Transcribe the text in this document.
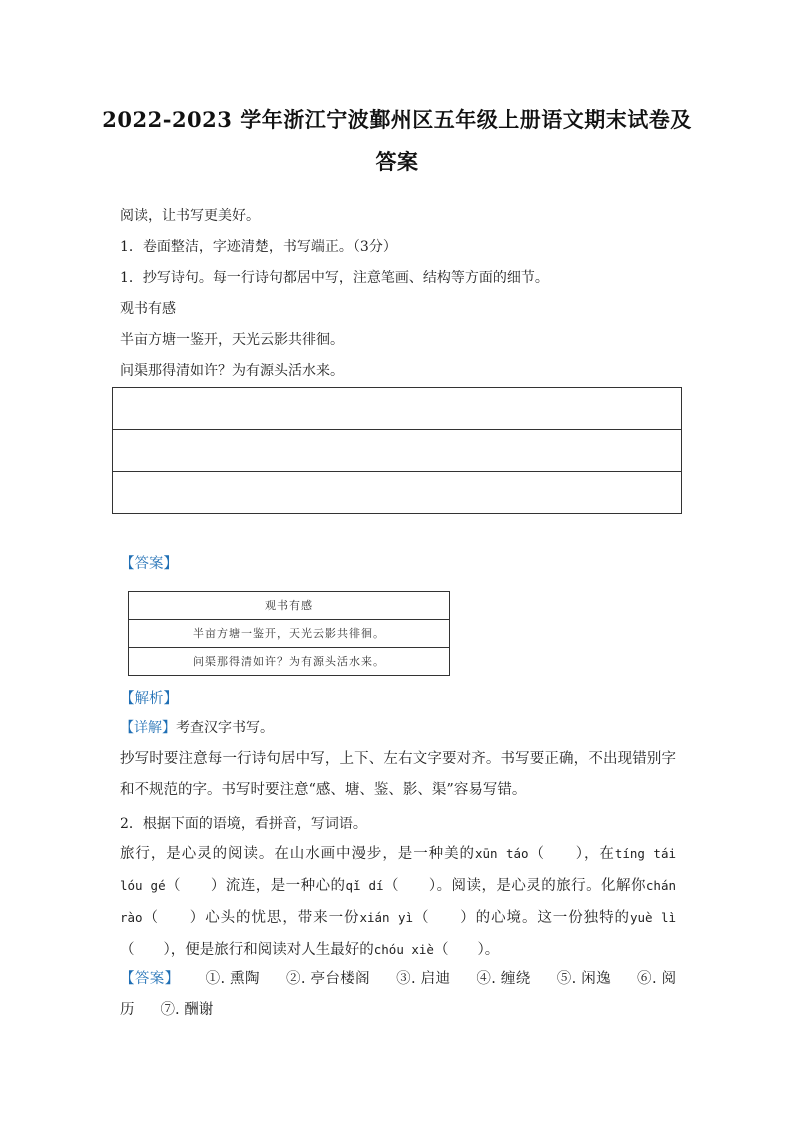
2022-2023 学年浙江宁波鄞州区五年级上册语文期末试卷及
答案
阅读，让书写更美好。
1．卷面整洁，字迹清楚，书写端正。（3分）
1．抄写诗句。每一行诗句都居中写，注意笔画、结构等方面的细节。
观书有感
半亩方塘一鉴开，天光云影共徘徊。
问渠那得清如许？为有源头活水来。
【答案】
观书有感
半亩方塘一鉴开，天光云影共徘徊。
问渠那得清如许？为有源头活水来。
【解析】
【详解】考查汉字书写。
抄写时要注意每一行诗句居中写，上下、左右文字要对齐。书写要正确，不出现错别字和不规范的字。书写时要注意“感、塘、鉴、影、渠”容易写错。
2．根据下面的语境，看拼音，写词语。
旅行，是心灵的阅读。在山水画中漫步，是一种美的xūn táo（　　），在tíng tái lóu gé（　　）流连，是一种心的qǐ dí（　　）。阅读，是心灵的旅行。化解你chán rào（　　）心头的忧思，带来一份xián yì（　　）的心境。这一份独特的yuè lì（　　），便是旅行和阅读对人生最好的chóu xiè（　　）。
【答案】 ①. 熏陶 ②. 亭台楼阁 ③. 启迪 ④. 缠绕 ⑤. 闲逸 ⑥. 阅历 ⑦. 酬谢
